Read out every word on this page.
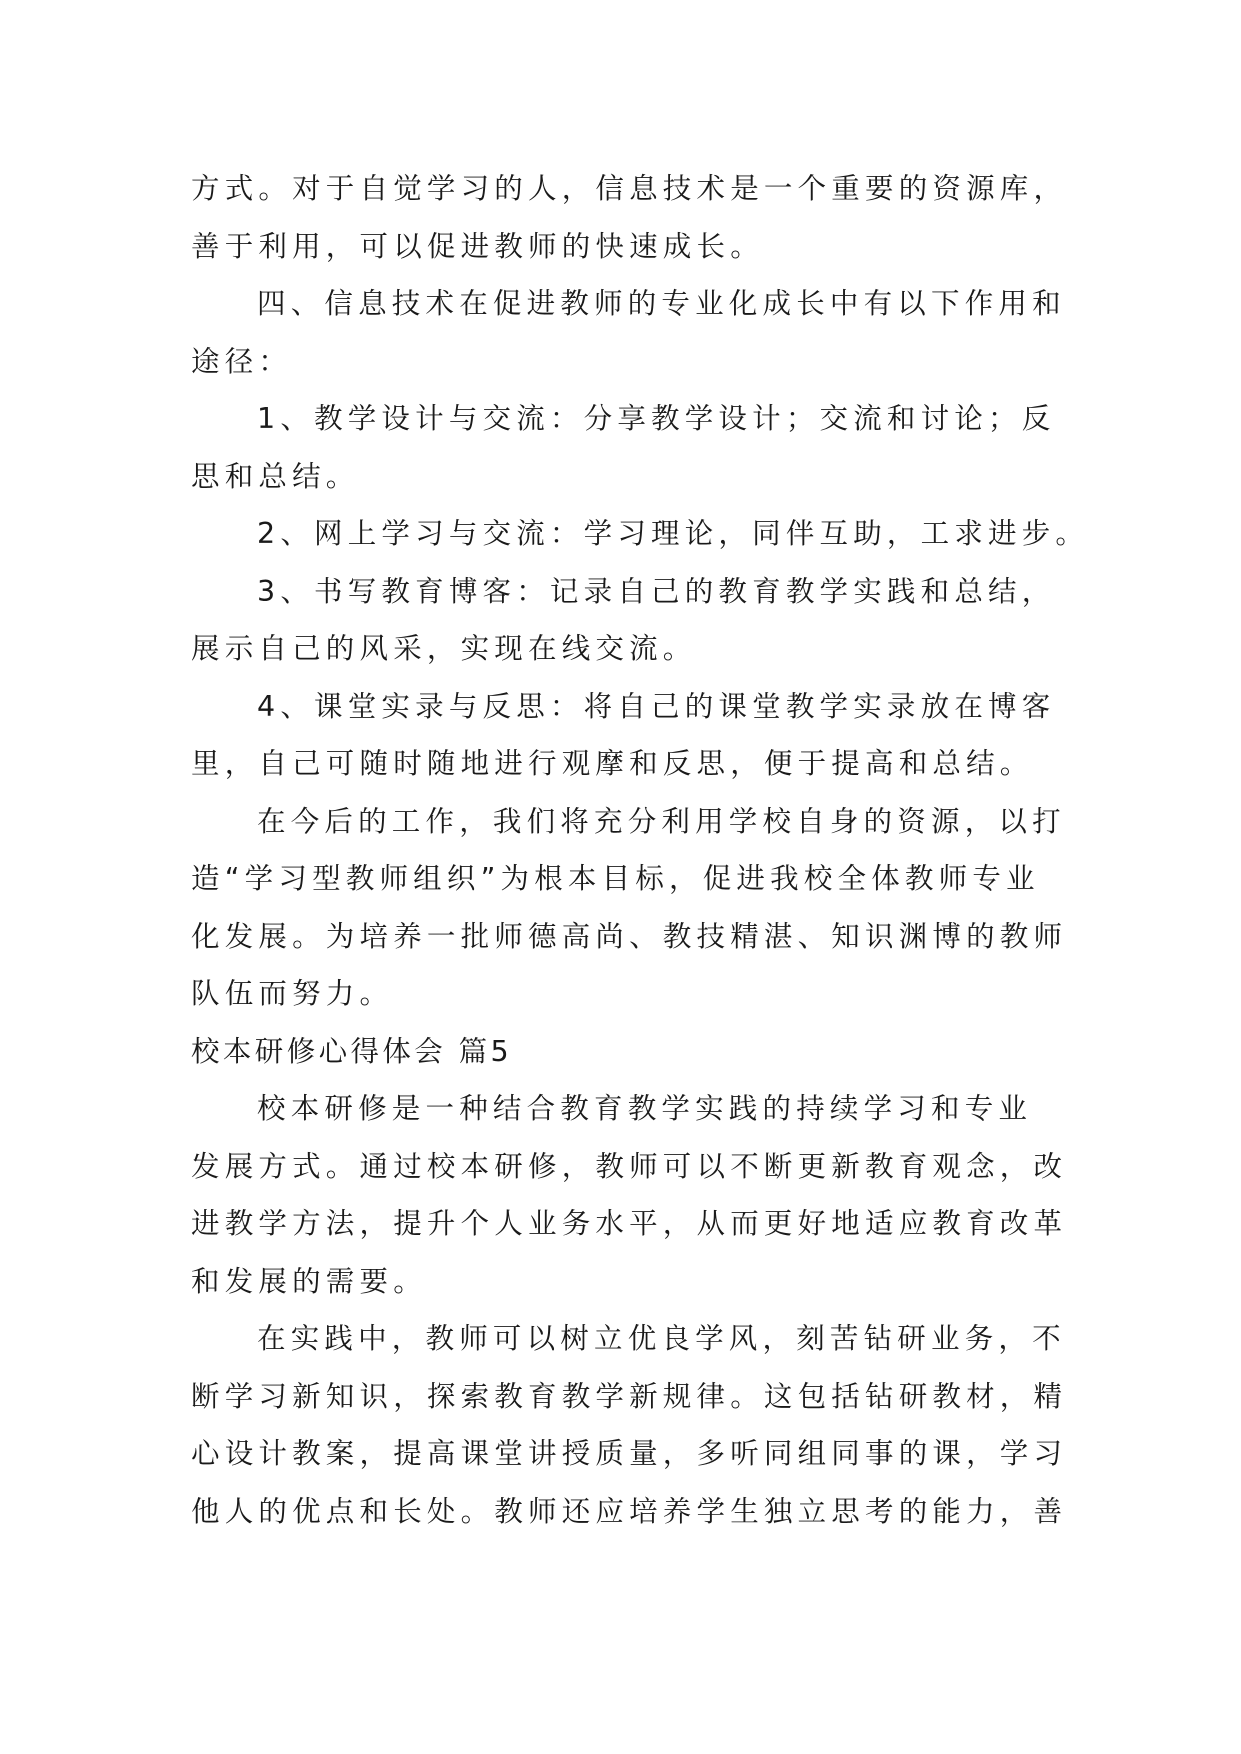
方式。对于自觉学习的人，信息技术是一个重要的资源库，
善于利用，可以促进教师的快速成长。
四、信息技术在促进教师的专业化成长中有以下作用和
途径：
1、教学设计与交流：分享教学设计；交流和讨论；反
思和总结。
2、网上学习与交流：学习理论，同伴互助，工求进步。
3、书写教育博客：记录自己的教育教学实践和总结，
展示自己的风采，实现在线交流。
4、课堂实录与反思：将自己的课堂教学实录放在博客
里，自己可随时随地进行观摩和反思，便于提高和总结。
在今后的工作，我们将充分利用学校自身的资源，以打
造“学习型教师组织”为根本目标，促进我校全体教师专业
化发展。为培养一批师德高尚、教技精湛、知识渊博的教师
队伍而努力。
校本研修心得体会 篇5
校本研修是一种结合教育教学实践的持续学习和专业
发展方式。通过校本研修，教师可以不断更新教育观念，改
进教学方法，提升个人业务水平，从而更好地适应教育改革
和发展的需要。
在实践中，教师可以树立优良学风，刻苦钻研业务，不
断学习新知识，探索教育教学新规律。这包括钻研教材，精
心设计教案，提高课堂讲授质量，多听同组同事的课，学习
他人的优点和长处。教师还应培养学生独立思考的能力，善
